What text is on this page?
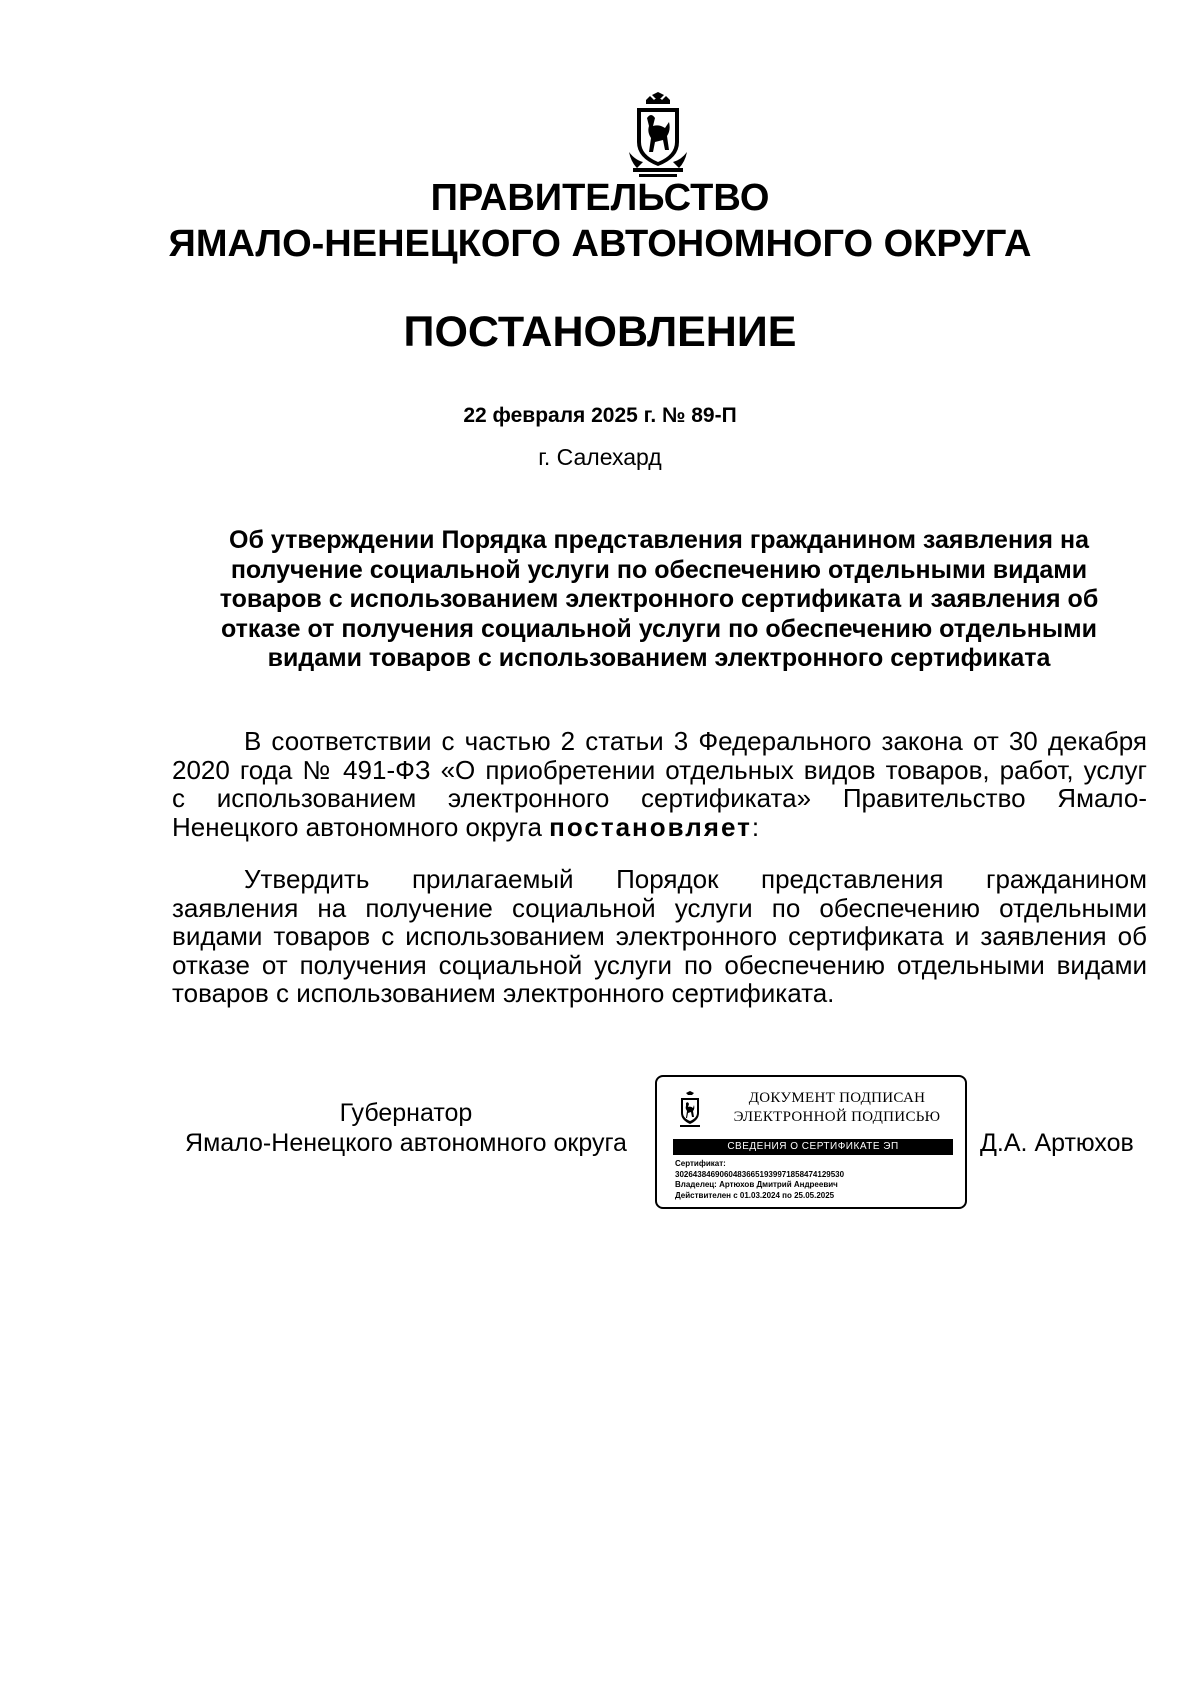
ПРАВИТЕЛЬСТВО
ЯМАЛО-НЕНЕЦКОГО АВТОНОМНОГО ОКРУГА
ПОСТАНОВЛЕНИЕ
22 февраля 2025 г. № 89-П
г. Салехард
Об утверждении Порядка представления гражданином заявления на
получение социальной услуги по обеспечению отдельными видами
товаров с использованием электронного сертификата и заявления об
отказе от получения социальной услуги по обеспечению отдельными
видами товаров с использованием электронного сертификата
В соответствии с частью 2 статьи 3 Федерального закона от 30 декабря
2020 года № 491-ФЗ «О приобретении отдельных видов товаров, работ, услуг
с использованием электронного сертификата» Правительство Ямало-
Ненецкого автономного округа постановляет:
Утвердить прилагаемый Порядок представления гражданином
заявления на получение социальной услуги по обеспечению отдельными
видами товаров с использованием электронного сертификата и заявления об
отказе от получения социальной услуги по обеспечению отдельными видами
товаров с использованием электронного сертификата.
Губернатор
Ямало-Ненецкого автономного округа	Д.А. Артюхов
ДОКУМЕНТ ПОДПИСАН
ЭЛЕКТРОННОЙ ПОДПИСЬЮ
СВЕДЕНИЯ О СЕРТИФИКАТЕ ЭП
Сертификат:
30264384690604836651939971858474129530
Владелец: Артюхов Дмитрий Андреевич
Действителен с 01.03.2024 по 25.05.2025
